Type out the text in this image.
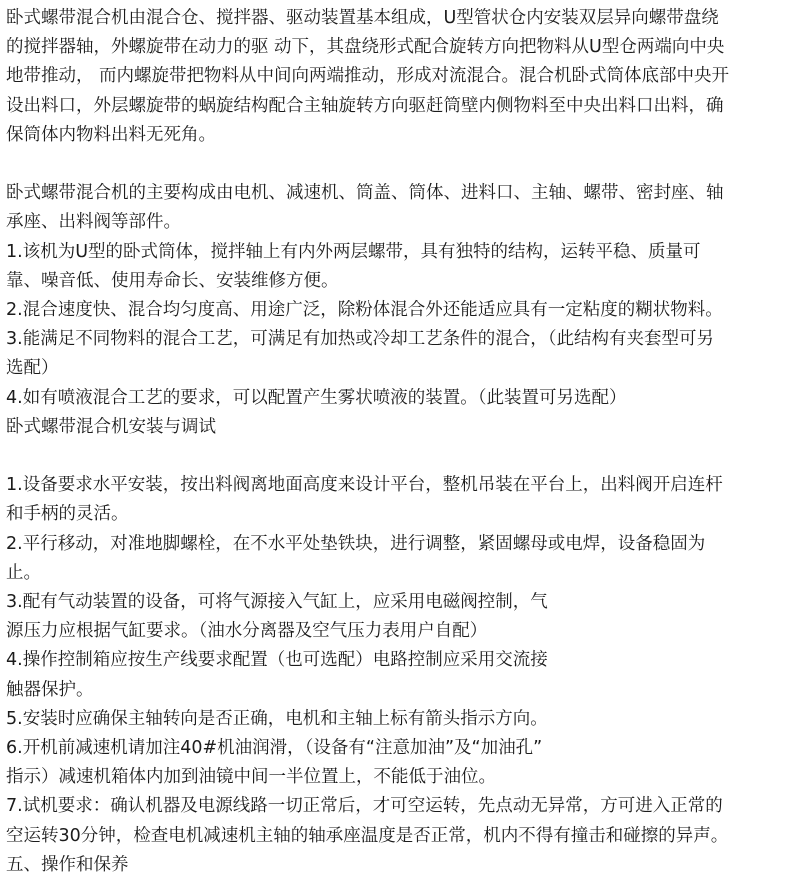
卧式螺带混合机由混合仓、搅拌器、驱动装置基本组成，U型管状仓内安装双层异向螺带盘绕

的搅拌器轴，外螺旋带在动力的驱 动下，其盘绕形式配合旋转方向把物料从U型仓两端向中央

地带推动， 而内螺旋带把物料从中间向两端推动，形成对流混合。混合机卧式筒体底部中央开

设出料口，外层螺旋带的蜗旋结构配合主轴旋转方向驱赶筒壁内侧物料至中央出料口出料，确

保筒体内物料出料无死角。

卧式螺带混合机的主要构成由电机、减速机、筒盖、筒体、进料口、主轴、螺带、密封座、轴

承座、出料阀等部件。

1.该机为U型的卧式筒体，搅拌轴上有内外两层螺带，具有独特的结构，运转平稳、质量可

靠、噪音低、使用寿命长、安装维修方便。

2.混合速度快、混合均匀度高、用途广泛，除粉体混合外还能适应具有一定粘度的糊状物料。

3.能满足不同物料的混合工艺，可满足有加热或冷却工艺条件的混合，（此结构有夹套型可另

选配）

4.如有喷液混合工艺的要求，可以配置产生雾状喷液的装置。（此装置可另选配）

卧式螺带混合机安装与调试

1.设备要求水平安装，按出料阀离地面高度来设计平台，整机吊装在平台上，出料阀开启连杆

和手柄的灵活。

2.平行移动，对准地脚螺栓，在不水平处垫铁块，进行调整，紧固螺母或电焊，设备稳固为

止。

3.配有气动装置的设备，可将气源接入气缸上，应采用电磁阀控制，气

源压力应根据气缸要求。（油水分离器及空气压力表用户自配）

4.操作控制箱应按生产线要求配置（也可选配）电路控制应采用交流接

触器保护。

5.安装时应确保主轴转向是否正确，电机和主轴上标有箭头指示方向。

6.开机前减速机请加注40#机油润滑，（设备有“注意加油”及“加油孔”

指示）减速机箱体内加到油镜中间一半位置上，不能低于油位。

7.试机要求：确认机器及电源线路一切正常后，才可空运转，先点动无异常，方可进入正常的

空运转30分钟，检查电机减速机主轴的轴承座温度是否正常，机内不得有撞击和碰擦的异声。

五、操作和保养
